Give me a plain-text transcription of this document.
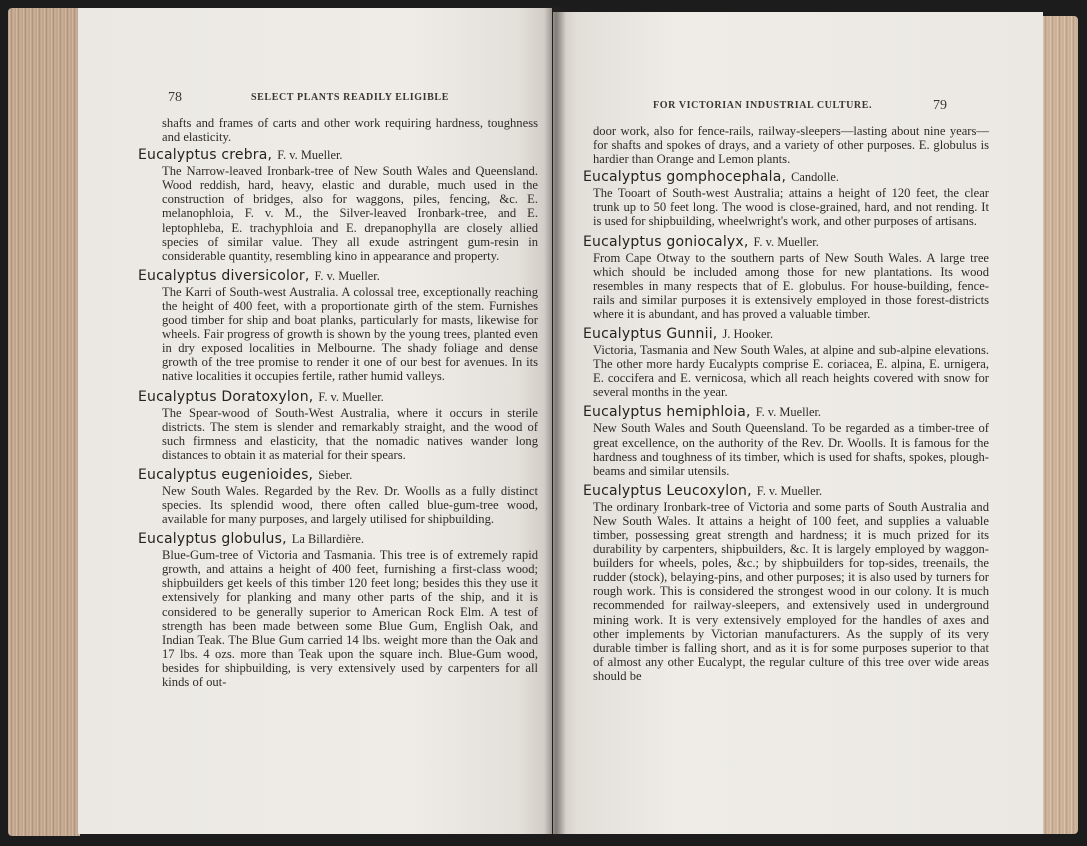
78	SELECT PLANTS READILY ELIGIBLE
shafts and frames of carts and other work requiring hardness, toughness and elasticity.
Eucalyptus crebra, F. v. Mueller.
The Narrow-leaved Ironbark-tree of New South Wales and Queensland. Wood reddish, hard, heavy, elastic and durable, much used in the construction of bridges, also for waggons, piles, fencing, &c. E. melanophloia, F. v. M., the Silver-leaved Ironbark-tree, and E. leptophleba, E. trachyphloia and E. drepanophylla are closely allied species of similar value. They all exude astringent gum-resin in considerable quantity, resembling kino in appearance and property.
Eucalyptus diversicolor, F. v. Mueller.
The Karri of South-west Australia. A colossal tree, exceptionally reaching the height of 400 feet, with a proportionate girth of the stem. Furnishes good timber for ship and boat planks, particularly for masts, likewise for wheels. Fair progress of growth is shown by the young trees, planted even in dry exposed localities in Melbourne. The shady foliage and dense growth of the tree promise to render it one of our best for avenues. In its native localities it occupies fertile, rather humid valleys.
Eucalyptus Doratoxylon, F. v. Mueller.
The Spear-wood of South-West Australia, where it occurs in sterile districts. The stem is slender and remarkably straight, and the wood of such firmness and elasticity, that the nomadic natives wander long distances to obtain it as material for their spears.
Eucalyptus eugenioides, Sieber.
New South Wales. Regarded by the Rev. Dr. Woolls as a fully distinct species. Its splendid wood, there often called blue-gum-tree wood, available for many purposes, and largely utilised for shipbuilding.
Eucalyptus globulus, La Billardière.
Blue-Gum-tree of Victoria and Tasmania. This tree is of extremely rapid growth, and attains a height of 400 feet, furnishing a first-class wood; shipbuilders get keels of this timber 120 feet long; besides this they use it extensively for planking and many other parts of the ship, and it is considered to be generally superior to American Rock Elm. A test of strength has been made between some Blue Gum, English Oak, and Indian Teak. The Blue Gum carried 14 lbs. weight more than the Oak and 17 lbs. 4 ozs. more than Teak upon the square inch. Blue-Gum wood, besides for shipbuilding, is very extensively used by carpenters for all kinds of out-
FOR VICTORIAN INDUSTRIAL CULTURE.	79
door work, also for fence-rails, railway-sleepers—lasting about nine years—for shafts and spokes of drays, and a variety of other purposes. E. globulus is hardier than Orange and Lemon plants.
Eucalyptus gomphocephala, Candolle.
The Tooart of South-west Australia; attains a height of 120 feet, the clear trunk up to 50 feet long. The wood is close-grained, hard, and not rending. It is used for shipbuilding, wheelwright's work, and other purposes of artisans.
Eucalyptus goniocalyx, F. v. Mueller.
From Cape Otway to the southern parts of New South Wales. A large tree which should be included among those for new plantations. Its wood resembles in many respects that of E. globulus. For house-building, fence-rails and similar purposes it is extensively employed in those forest-districts where it is abundant, and has proved a valuable timber.
Eucalyptus Gunnii, J. Hooker.
Victoria, Tasmania and New South Wales, at alpine and sub-alpine elevations. The other more hardy Eucalypts comprise E. coriacea, E. alpina, E. urnigera, E. coccifera and E. vernicosa, which all reach heights covered with snow for several months in the year.
Eucalyptus hemiphloia, F. v. Mueller.
New South Wales and South Queensland. To be regarded as a timber-tree of great excellence, on the authority of the Rev. Dr. Woolls. It is famous for the hardness and toughness of its timber, which is used for shafts, spokes, plough-beams and similar utensils.
Eucalyptus Leucoxylon, F. v. Mueller.
The ordinary Ironbark-tree of Victoria and some parts of South Australia and New South Wales. It attains a height of 100 feet, and supplies a valuable timber, possessing great strength and hardness; it is much prized for its durability by carpenters, shipbuilders, &c. It is largely employed by waggon-builders for wheels, poles, &c.; by shipbuilders for top-sides, treenails, the rudder (stock), belaying-pins, and other purposes; it is also used by turners for rough work. This is considered the strongest wood in our colony. It is much recommended for railway-sleepers, and extensively used in underground mining work. It is very extensively employed for the handles of axes and other implements by Victorian manufacturers. As the supply of its very durable timber is falling short, and as it is for some purposes superior to that of almost any other Eucalypt, the regular culture of this tree over wide areas should be
